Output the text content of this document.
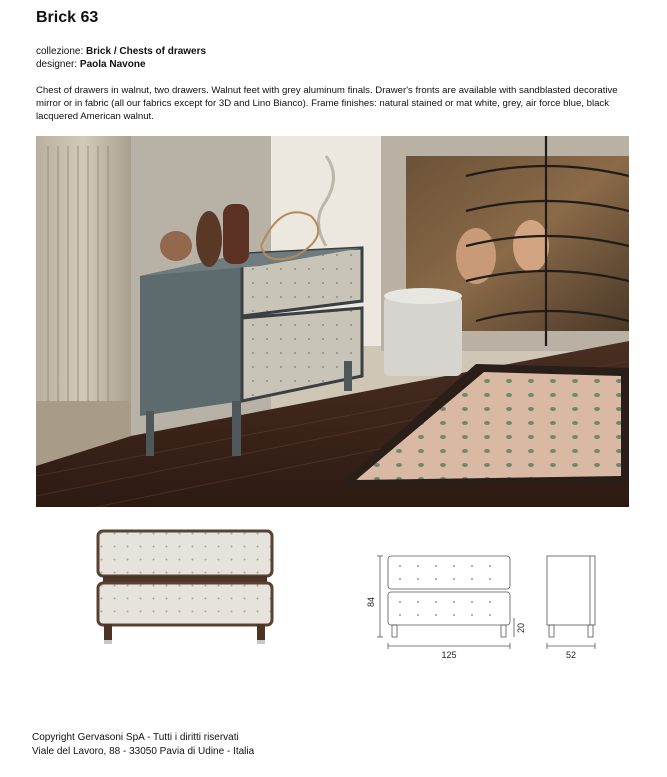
Brick 63
collezione: Brick / Chests of drawers
designer: Paola Navone
Chest of drawers in walnut, two drawers. Walnut feet with grey aluminum finals. Drawer's fronts are available with sandblasted decorative mirror or in fabric (all our fabrics except for 3D and Lino Bianco). Frame finishes: natural stained or mat white, grey, air force blue, black lacquered American walnut.
84
125
20
52
Copyright Gervasoni SpA - Tutti i diritti riservati
Viale del Lavoro, 88 - 33050 Pavia di Udine - Italia
